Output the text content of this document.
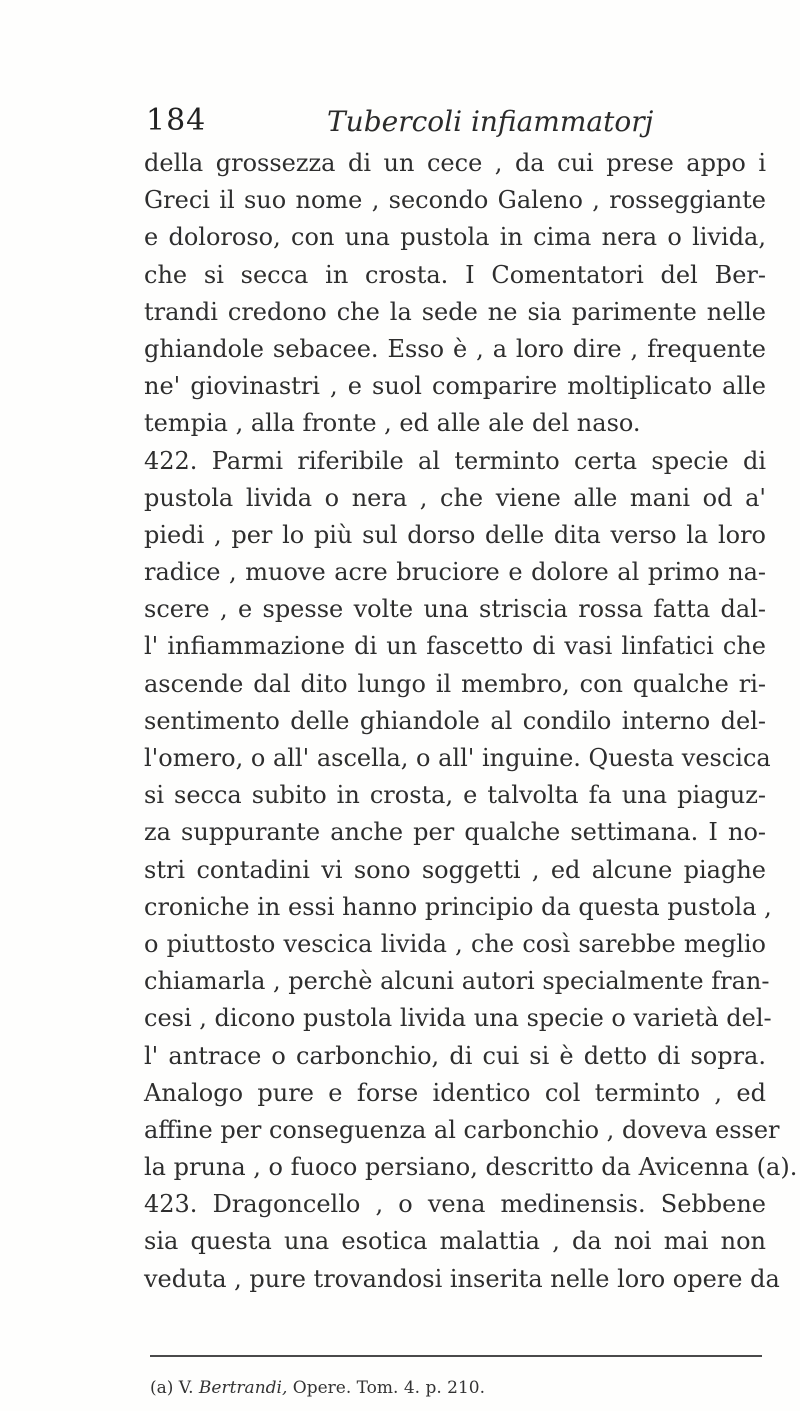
184	Tubercoli infiammatorj
della grossezza di un cece , da cui prese appo i
Greci il suo nome , secondo Galeno , rosseggiante
e doloroso, con una pustola in cima nera o livida,
che si secca in crosta. I Comentatori del Ber-
trandi credono che la sede ne sia parimente nelle
ghiandole sebacee. Esso è , a loro dire , frequente
ne' giovinastri , e suol comparire moltiplicato alle
tempia , alla fronte , ed alle ale del naso.
422. Parmi riferibile al terminto certa specie di
pustola livida o nera , che viene alle mani od a'
piedi , per lo più sul dorso delle dita verso la loro
radice , muove acre bruciore e dolore al primo na-
scere , e spesse volte una striscia rossa fatta dal-
l' infiammazione di un fascetto di vasi linfatici che
ascende dal dito lungo il membro, con qualche ri-
sentimento delle ghiandole al condilo interno del-
l'omero, o all' ascella, o all' inguine. Questa vescica
si secca subito in crosta, e talvolta fa una piaguz-
za suppurante anche per qualche settimana. I no-
stri contadini vi sono soggetti , ed alcune piaghe
croniche in essi hanno principio da questa pustola ,
o piuttosto vescica livida , che così sarebbe meglio
chiamarla , perchè alcuni autori specialmente fran-
cesi , dicono pustola livida una specie o varietà del-
l' antrace o carbonchio, di cui si è detto di sopra.
Analogo pure e forse identico col terminto , ed
affine per conseguenza al carbonchio , doveva esser
la pruna , o fuoco persiano, descritto da Avicenna (a).
423. Dragoncello , o vena medinensis. Sebbene
sia questa una esotica malattia , da noi mai non
veduta , pure trovandosi inserita nelle loro opere da
(a) V. Bertrandi, Opere. Tom. 4. p. 210.
